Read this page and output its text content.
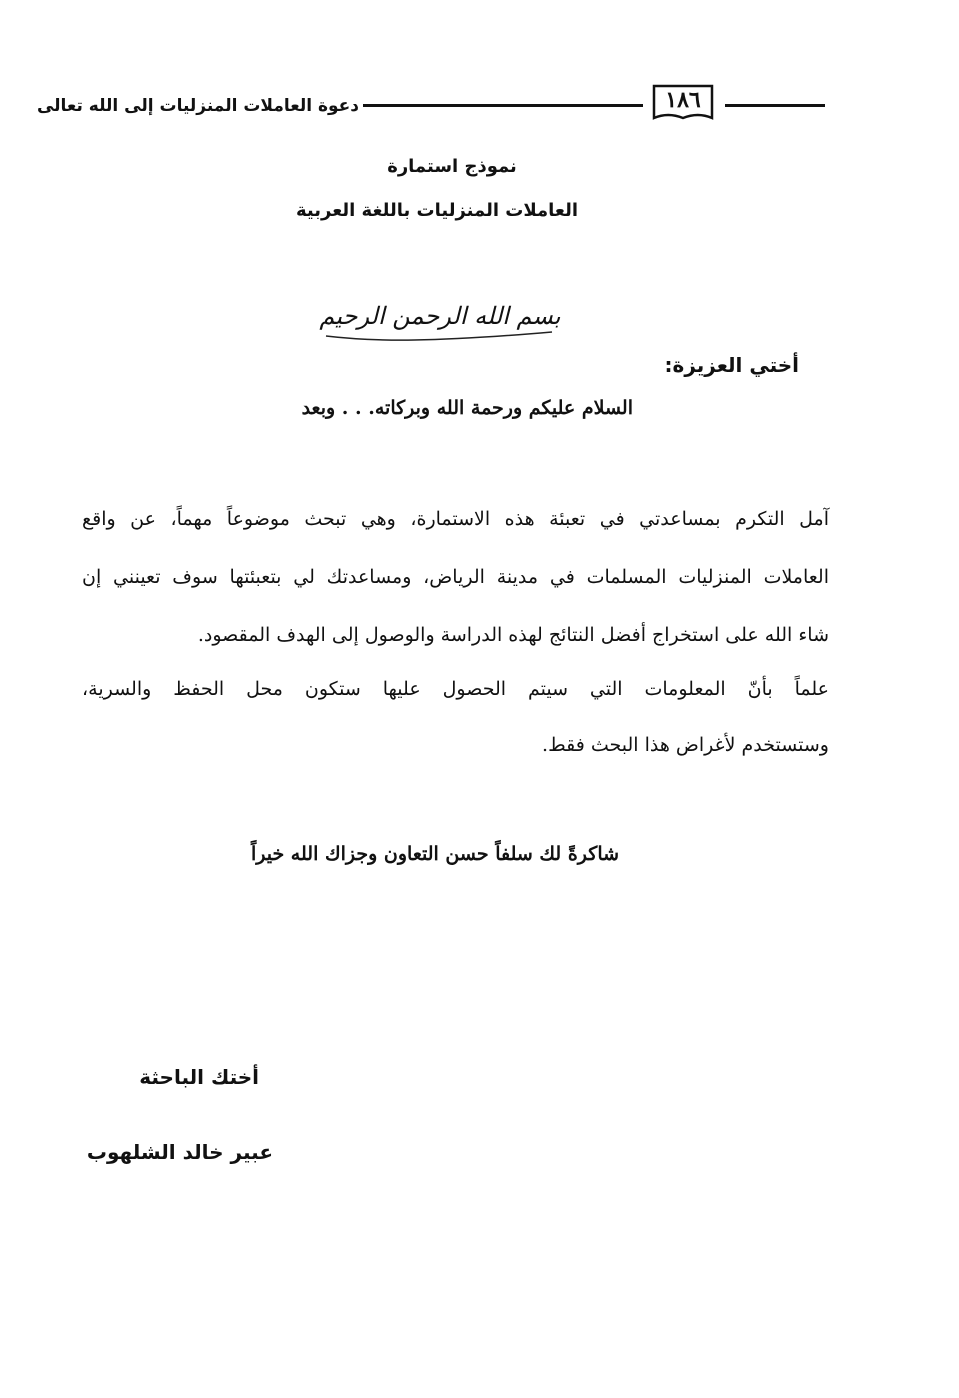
دعوة العاملات المنزليات إلى الله تعالى	١٨٦
نموذج استمارة
العاملات المنزليات باللغة العربية
بسم الله الرحمن الرحيم
أختي العزيزة:
السلام عليكم ورحمة الله وبركاته. . . وبعد
آمل التكرم بمساعدتي في تعبئة هذه الاستمارة، وهي تبحث موضوعاً مهماً، عن واقع
العاملات المنزليات المسلمات في مدينة الرياض، ومساعدتك لي بتعبئتها سوف تعينني إن
شاء الله على استخراج أفضل النتائج لهذه الدراسة والوصول إلى الهدف المقصود.
علماً بأنّ المعلومات التي سيتم الحصول عليها ستكون محل الحفظ والسرية،
وستستخدم لأغراض هذا البحث فقط.
شاكرةً لك سلفاً حسن التعاون وجزاك الله خيراً
أختك الباحثة
عبير خالد الشلهوب
